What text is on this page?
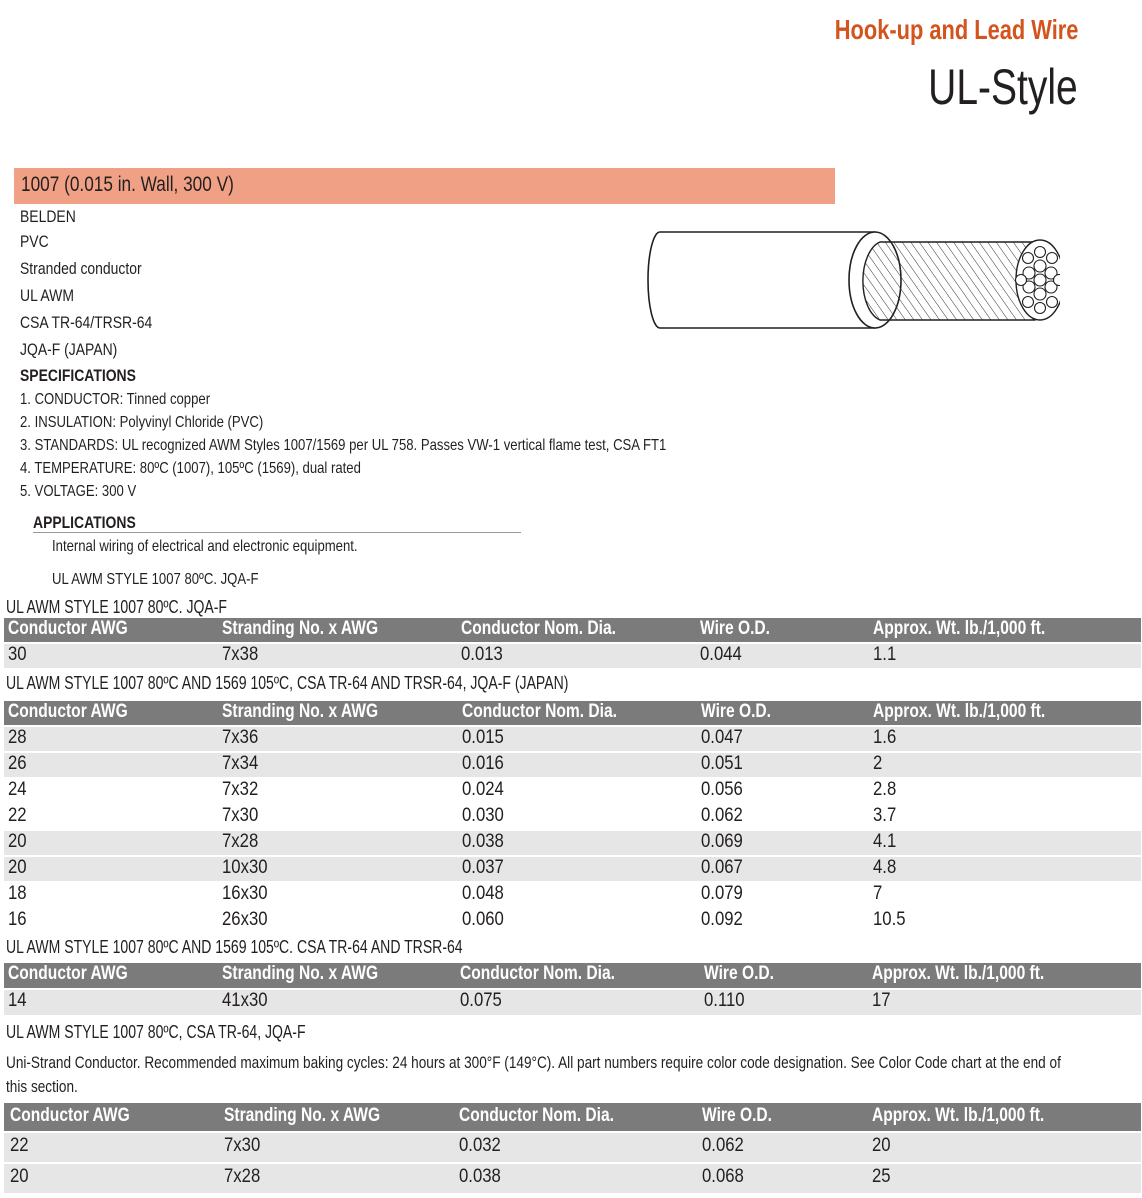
Hook-up and Lead Wire
UL-Style
1007 (0.015 in. Wall, 300 V)
BELDEN
PVC
Stranded conductor
UL AWM
CSA TR-64/TRSR-64
JQA-F (JAPAN)
SPECIFICATIONS
1. CONDUCTOR: Tinned copper
2. INSULATION: Polyvinyl Chloride (PVC)
3. STANDARDS: UL recognized AWM Styles 1007/1569 per UL 758. Passes VW-1 vertical flame test, CSA FT1
4. TEMPERATURE: 80ºC (1007), 105ºC (1569), dual rated
5. VOLTAGE: 300 V
APPLICATIONS
Internal wiring of electrical and electronic equipment.
UL AWM STYLE 1007 80ºC. JQA-F
UL AWM STYLE 1007 80ºC. JQA-F
Conductor AWG	Stranding No. x AWG	Conductor Nom. Dia.	Wire O.D.	Approx. Wt. lb./1,000 ft.
30	7x38	0.013	0.044	1.1
UL AWM STYLE 1007 80ºC AND 1569 105ºC, CSA TR-64 AND TRSR-64, JQA-F (JAPAN)
Conductor AWG	Stranding No. x AWG	Conductor Nom. Dia.	Wire O.D.	Approx. Wt. lb./1,000 ft.
28	7x36	0.015	0.047	1.6
26	7x34	0.016	0.051	2
24	7x32	0.024	0.056	2.8
22	7x30	0.030	0.062	3.7
20	7x28	0.038	0.069	4.1
20	10x30	0.037	0.067	4.8
18	16x30	0.048	0.079	7
16	26x30	0.060	0.092	10.5
UL AWM STYLE 1007 80ºC AND 1569 105ºC. CSA TR-64 AND TRSR-64
Conductor AWG	Stranding No. x AWG	Conductor Nom. Dia.	Wire O.D.	Approx. Wt. lb./1,000 ft.
14	41x30	0.075	0.110	17
UL AWM STYLE 1007 80ºC, CSA TR-64, JQA-F
Uni-Strand Conductor. Recommended maximum baking cycles: 24 hours at 300°F (149°C). All part numbers require color code designation. See Color Code chart at the end of
this section.
Conductor AWG	Stranding No. x AWG	Conductor Nom. Dia.	Wire O.D.	Approx. Wt. lb./1,000 ft.
22	7x30	0.032	0.062	20
20	7x28	0.038	0.068	25
